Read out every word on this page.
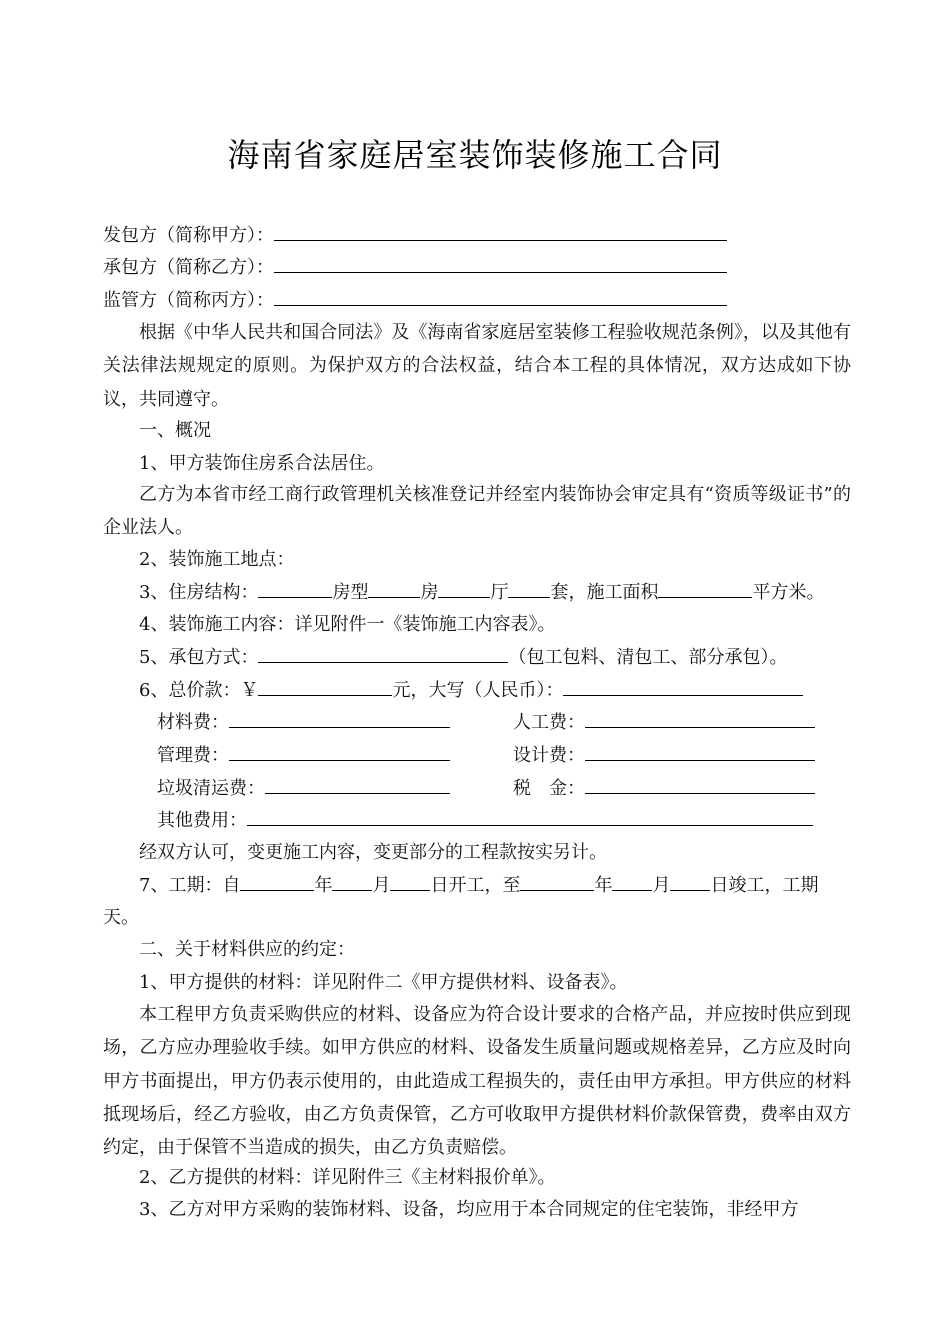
海南省家庭居室装饰装修施工合同
发包方（简称甲方）：
承包方（简称乙方）：
监管方（简称丙方）：
根据《中华人民共和国合同法》及《海南省家庭居室装修工程验收规范条例》，以及其他有关法律法规规定的原则。为保护双方的合法权益，结合本工程的具体情况，双方达成如下协议，共同遵守。
一、概况
1、甲方装饰住房系合法居住。
乙方为本省市经工商行政管理机关核准登记并经室内装饰协会审定具有“资质等级证书”的企业法人。
2、装饰施工地点：
3、住房结构：	房型	房	厅 套，施工面积	平方米。
4、装饰施工内容：详见附件一《装饰施工内容表》。
5、承包方式：	（包工包料、清包工、部分承包）。
6、总价款：￥	元，大写（人民币）：
材料费：	人工费：
管理费：	设计费：
垃圾清运费：	税　金：
其他费用：
经双方认可，变更施工内容，变更部分的工程款按实另计。
7、工期：自	年 月 日开工，至	年 月 日竣工，工期
天。
二、关于材料供应的约定：
1、甲方提供的材料：详见附件二《甲方提供材料、设备表》。
本工程甲方负责采购供应的材料、设备应为符合设计要求的合格产品，并应按时供应到现场，乙方应办理验收手续。如甲方供应的材料、设备发生质量问题或规格差异，乙方应及时向甲方书面提出，甲方仍表示使用的，由此造成工程损失的，责任由甲方承担。甲方供应的材料抵现场后，经乙方验收，由乙方负责保管，乙方可收取甲方提供材料价款保管费，费率由双方约定，由于保管不当造成的损失，由乙方负责赔偿。
2、乙方提供的材料：详见附件三《主材料报价单》。
3、乙方对甲方采购的装饰材料、设备，均应用于本合同规定的住宅装饰，非经甲方
